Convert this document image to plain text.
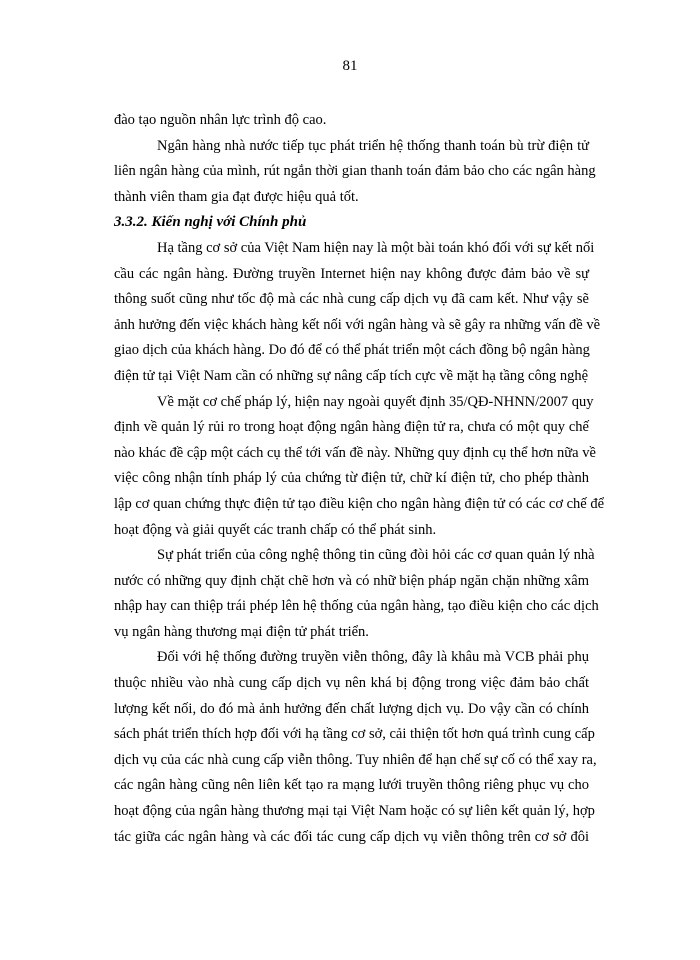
81
đào tạo nguồn nhân lực trình độ cao.
Ngân hàng nhà nước tiếp tục phát triển hệ thống thanh toán bù trừ điện tử
liên ngân hàng của mình, rút ngắn thời gian thanh toán đảm bảo cho các ngân hàng
thành viên tham gia đạt được hiệu quả tốt.
3.3.2. Kiến nghị với Chính phủ
Hạ tầng cơ sở của Việt Nam hiện nay là một bài toán khó đối với sự kết nối
cầu các ngân hàng. Đường truyền Internet hiện nay không được đảm bảo về sự
thông suốt cũng như tốc độ mà các nhà cung cấp dịch vụ đã cam kết. Như vậy sẽ
ảnh hưởng đến việc khách hàng kết nối với ngân hàng và sẽ gây ra những vấn đề về
giao dịch của khách hàng. Do đó để có thể phát triển một cách đồng bộ ngân hàng
điện tử tại Việt Nam cần có những sự nâng cấp tích cực về mặt hạ tầng công nghệ
Về mặt cơ chế pháp lý, hiện nay ngoài quyết định 35/QĐ-NHNN/2007 quy
định về quản lý rủi ro trong hoạt động ngân hàng điện tử ra, chưa có một quy chế
nào khác đề cập một cách cụ thể tới vấn đề này. Những quy định cụ thể hơn nữa về
việc công nhận tính pháp lý của chứng từ điện tử, chữ kí điện tử, cho phép thành
lập cơ quan chứng thực điện tử tạo điều kiện cho ngân hàng điện tử có các cơ chế để
hoạt động và giải quyết các tranh chấp có thể phát sinh.
Sự phát triển của công nghệ thông tin cũng đòi hỏi các cơ quan quản lý nhà
nước có những quy định chặt chẽ hơn và có nhữ biện pháp ngăn chặn những xâm
nhập hay can thiệp trái phép lên hệ thống của ngân hàng, tạo điều kiện cho các dịch
vụ ngân hàng thương mại điện tử phát triển.
Đối với hệ thống đường truyền viễn thông, đây là khâu mà VCB phải phụ
thuộc nhiều vào nhà cung cấp dịch vụ nên khá bị động trong việc đảm bảo chất
lượng kết nối, do đó mà ảnh hưởng đến chất lượng dịch vụ. Do vậy cần có chính
sách phát triển thích hợp đối với hạ tầng cơ sở, cải thiện tốt hơn quá trình cung cấp
dịch vụ của các nhà cung cấp viễn thông. Tuy nhiên để hạn chế sự cố có thể xay ra,
các ngân hàng cũng nên liên kết tạo ra mạng lưới truyền thông riêng phục vụ cho
hoạt động của ngân hàng thương mại tại Việt Nam hoặc có sự liên kết quản lý, hợp
tác giữa các ngân hàng và các đối tác cung cấp dịch vụ viễn thông trên cơ sở đôi
